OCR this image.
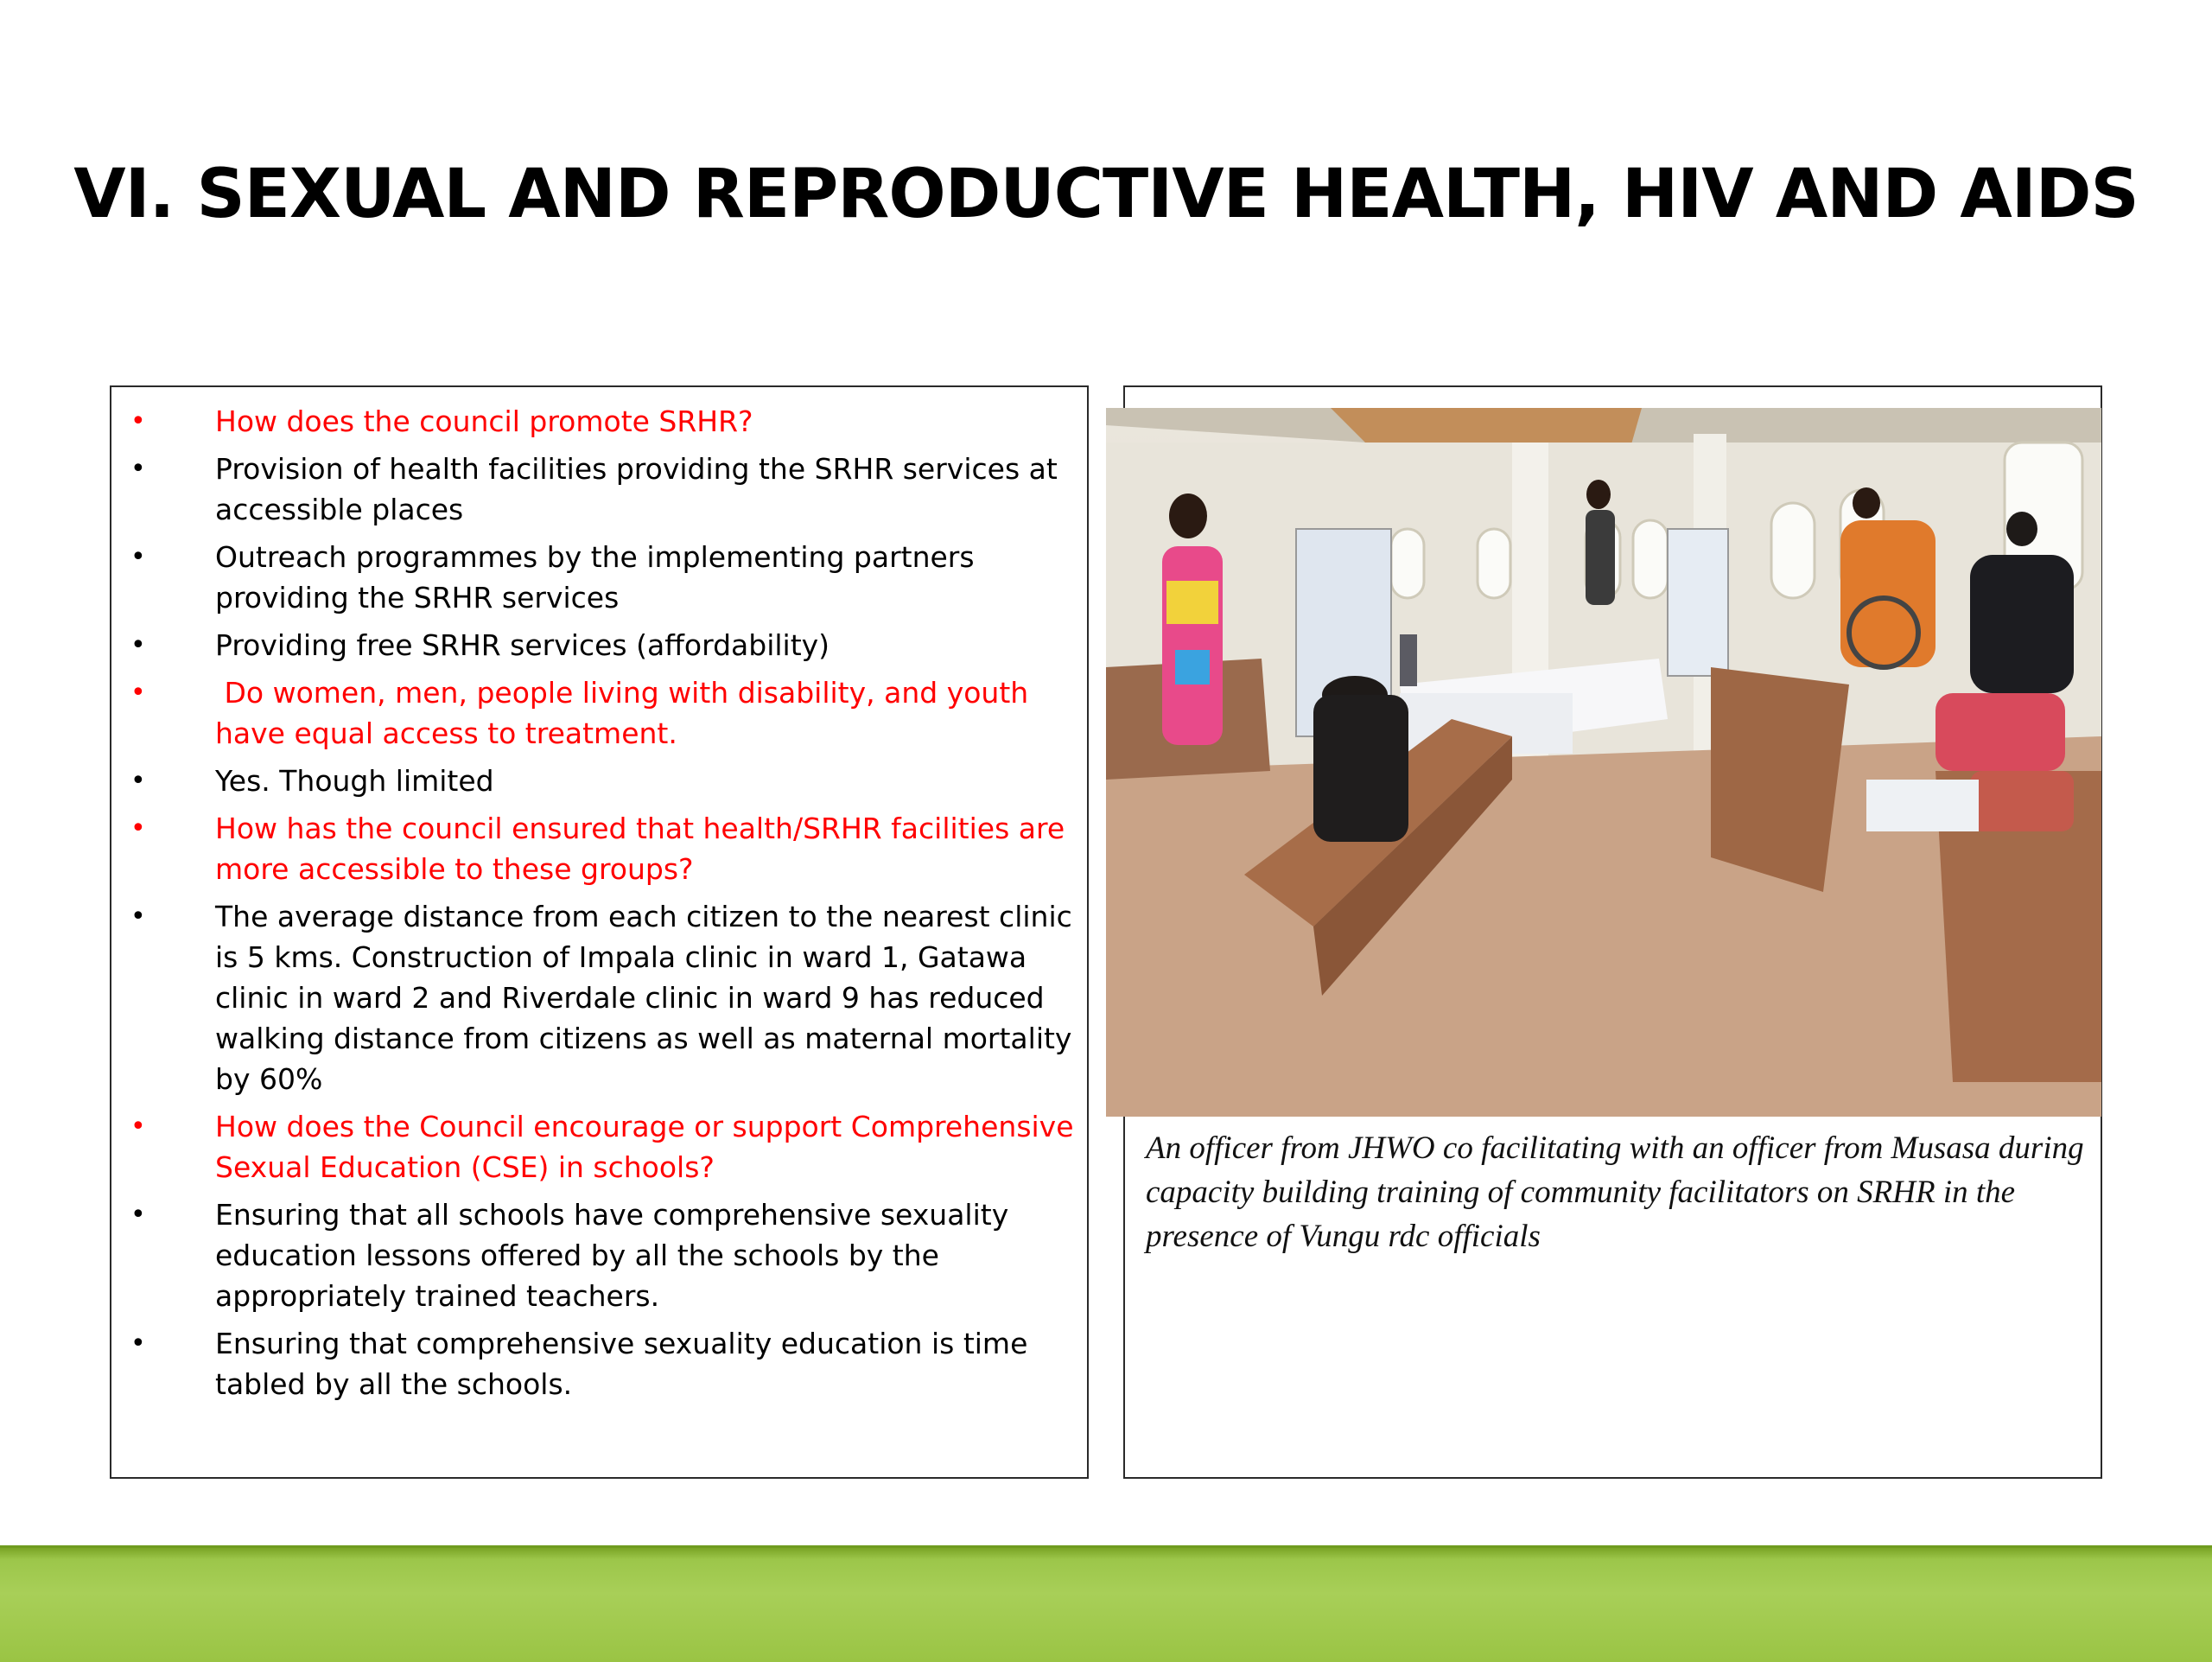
VI. SEXUAL AND REPRODUCTIVE HEALTH, HIV AND AIDS
•	How does the council promote SRHR?
•	Provision of health facilities providing the SRHR services at accessible places
•	Outreach programmes by the implementing partners providing the SRHR services
•	Providing free SRHR services (affordability)
•	Do women, men, people living with disability, and youth have equal access to treatment.
•	Yes. Though limited
•	How has the council ensured that health/SRHR facilities are more accessible to these groups?
•	The average distance from each citizen to the nearest clinic is 5 kms. Construction of Impala clinic in ward 1, Gatawa clinic in ward 2 and Riverdale clinic in ward 9 has reduced walking distance from citizens as well as maternal mortality by 60%
•	How does the Council encourage or support Comprehensive Sexual Education (CSE) in schools?
•	Ensuring that all schools have comprehensive sexuality education lessons offered by all the schools by the appropriately trained teachers.
•	Ensuring that comprehensive sexuality education is time tabled by all the schools.

An officer from JHWO co facilitating with an officer from Musasa during capacity building training of community facilitators on SRHR in the presence of Vungu rdc officials
